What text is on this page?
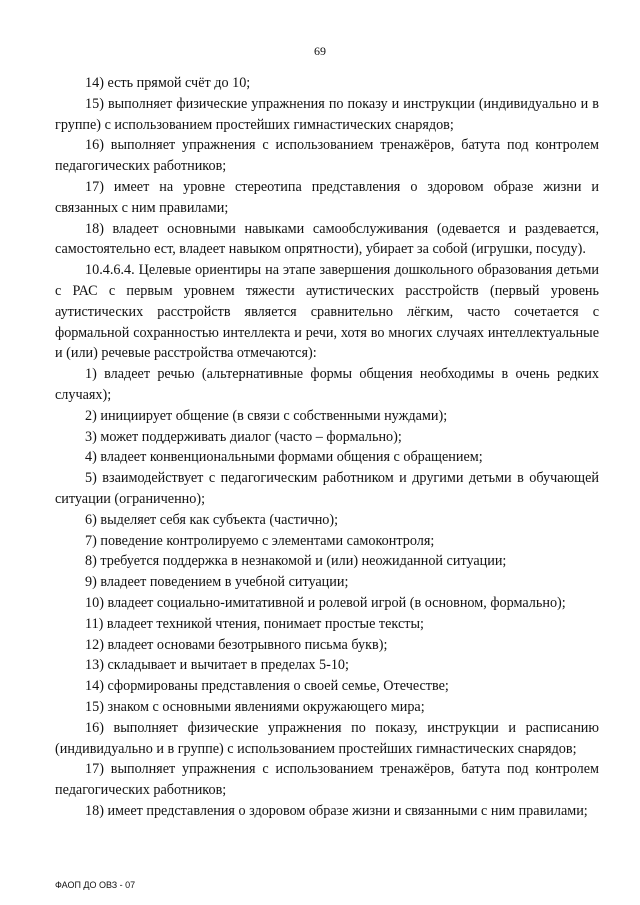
69

14) есть прямой счёт до 10;

15) выполняет физические упражнения по показу и инструкции (индивидуально и в группе) с использованием простейших гимнастических снарядов;

16) выполняет упражнения с использованием тренажёров, батута под контролем педагогических работников;

17) имеет на уровне стереотипа представления о здоровом образе жизни и связанных с ним правилами;

18) владеет основными навыками самообслуживания (одевается и раздевается, самостоятельно ест, владеет навыком опрятности), убирает за собой (игрушки, посуду).

10.4.6.4. Целевые ориентиры на этапе завершения дошкольного образования детьми с РАС с первым уровнем тяжести аутистических расстройств (первый уровень аутистических расстройств является сравнительно лёгким, часто сочетается с формальной сохранностью интеллекта и речи, хотя во многих случаях интеллектуальные и (или) речевые расстройства отмечаются):

1) владеет речью (альтернативные формы общения необходимы в очень редких случаях);

2) инициирует общение (в связи с собственными нуждами);

3) может поддерживать диалог (часто – формально);

4) владеет конвенциональными формами общения с обращением;

5) взаимодействует с педагогическим работником и другими детьми в обучающей ситуации (ограниченно);

6) выделяет себя как субъекта (частично);

7) поведение контролируемо с элементами самоконтроля;

8) требуется поддержка в незнакомой и (или) неожиданной ситуации;

9) владеет поведением в учебной ситуации;

10) владеет социально-имитативной и ролевой игрой (в основном, формально);

11) владеет техникой чтения, понимает простые тексты;

12) владеет основами безотрывного письма букв);

13) складывает и вычитает в пределах 5-10;

14) сформированы представления о своей семье, Отечестве;

15) знаком с основными явлениями окружающего мира;

16) выполняет физические упражнения по показу, инструкции и расписанию (индивидуально и в группе) с использованием простейших гимнастических снарядов;

17) выполняет упражнения с использованием тренажёров, батута под контролем педагогических работников;

18) имеет представления о здоровом образе жизни и связанными с ним правилами;

ФАОП ДО ОВЗ - 07
